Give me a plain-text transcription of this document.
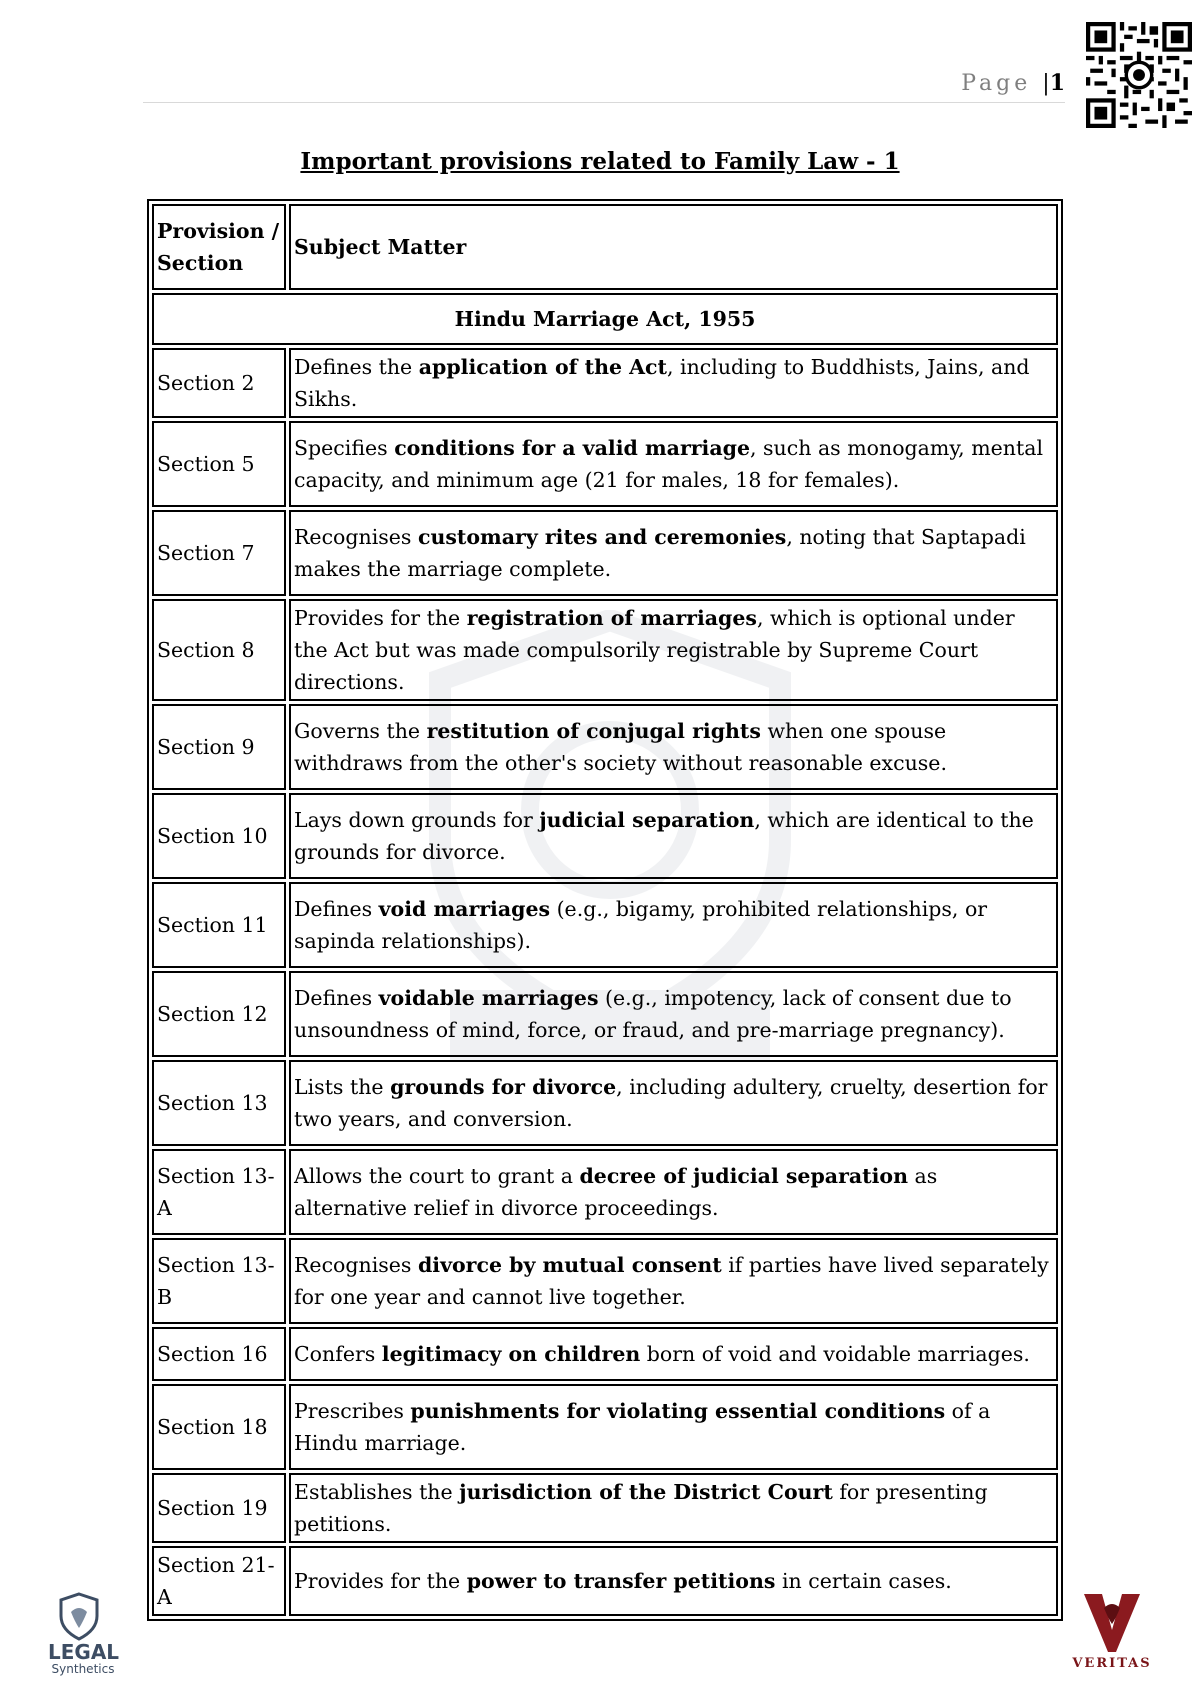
Page |1
Important provisions related to Family Law - 1
Provision / Section	Subject Matter
Hindu Marriage Act, 1955	
Section 2	Defines the application of the Act, including to Buddhists, Jains, and Sikhs.
Section 5	Specifies conditions for a valid marriage, such as monogamy, mental capacity, and minimum age (21 for males, 18 for females).
Section 7	Recognises customary rites and ceremonies, noting that Saptapadi makes the marriage complete.
Section 8	Provides for the registration of marriages, which is optional under the Act but was made compulsorily registrable by Supreme Court directions.
Section 9	Governs the restitution of conjugal rights when one spouse withdraws from the other's society without reasonable excuse.
Section 10	Lays down grounds for judicial separation, which are identical to the grounds for divorce.
Section 11	Defines void marriages (e.g., bigamy, prohibited relationships, or sapinda relationships).
Section 12	Defines voidable marriages (e.g., impotency, lack of consent due to unsoundness of mind, force, or fraud, and pre-marriage pregnancy).
Section 13	Lists the grounds for divorce, including adultery, cruelty, desertion for two years, and conversion.
Section 13-A	Allows the court to grant a decree of judicial separation as alternative relief in divorce proceedings.
Section 13-B	Recognises divorce by mutual consent if parties have lived separately for one year and cannot live together.
Section 16	Confers legitimacy on children born of void and voidable marriages.
Section 18	Prescribes punishments for violating essential conditions of a Hindu marriage.
Section 19	Establishes the jurisdiction of the District Court for presenting petitions.
Section 21-A	Provides for the power to transfer petitions in certain cases.
LEGAL
Synthetics	VERITAS
